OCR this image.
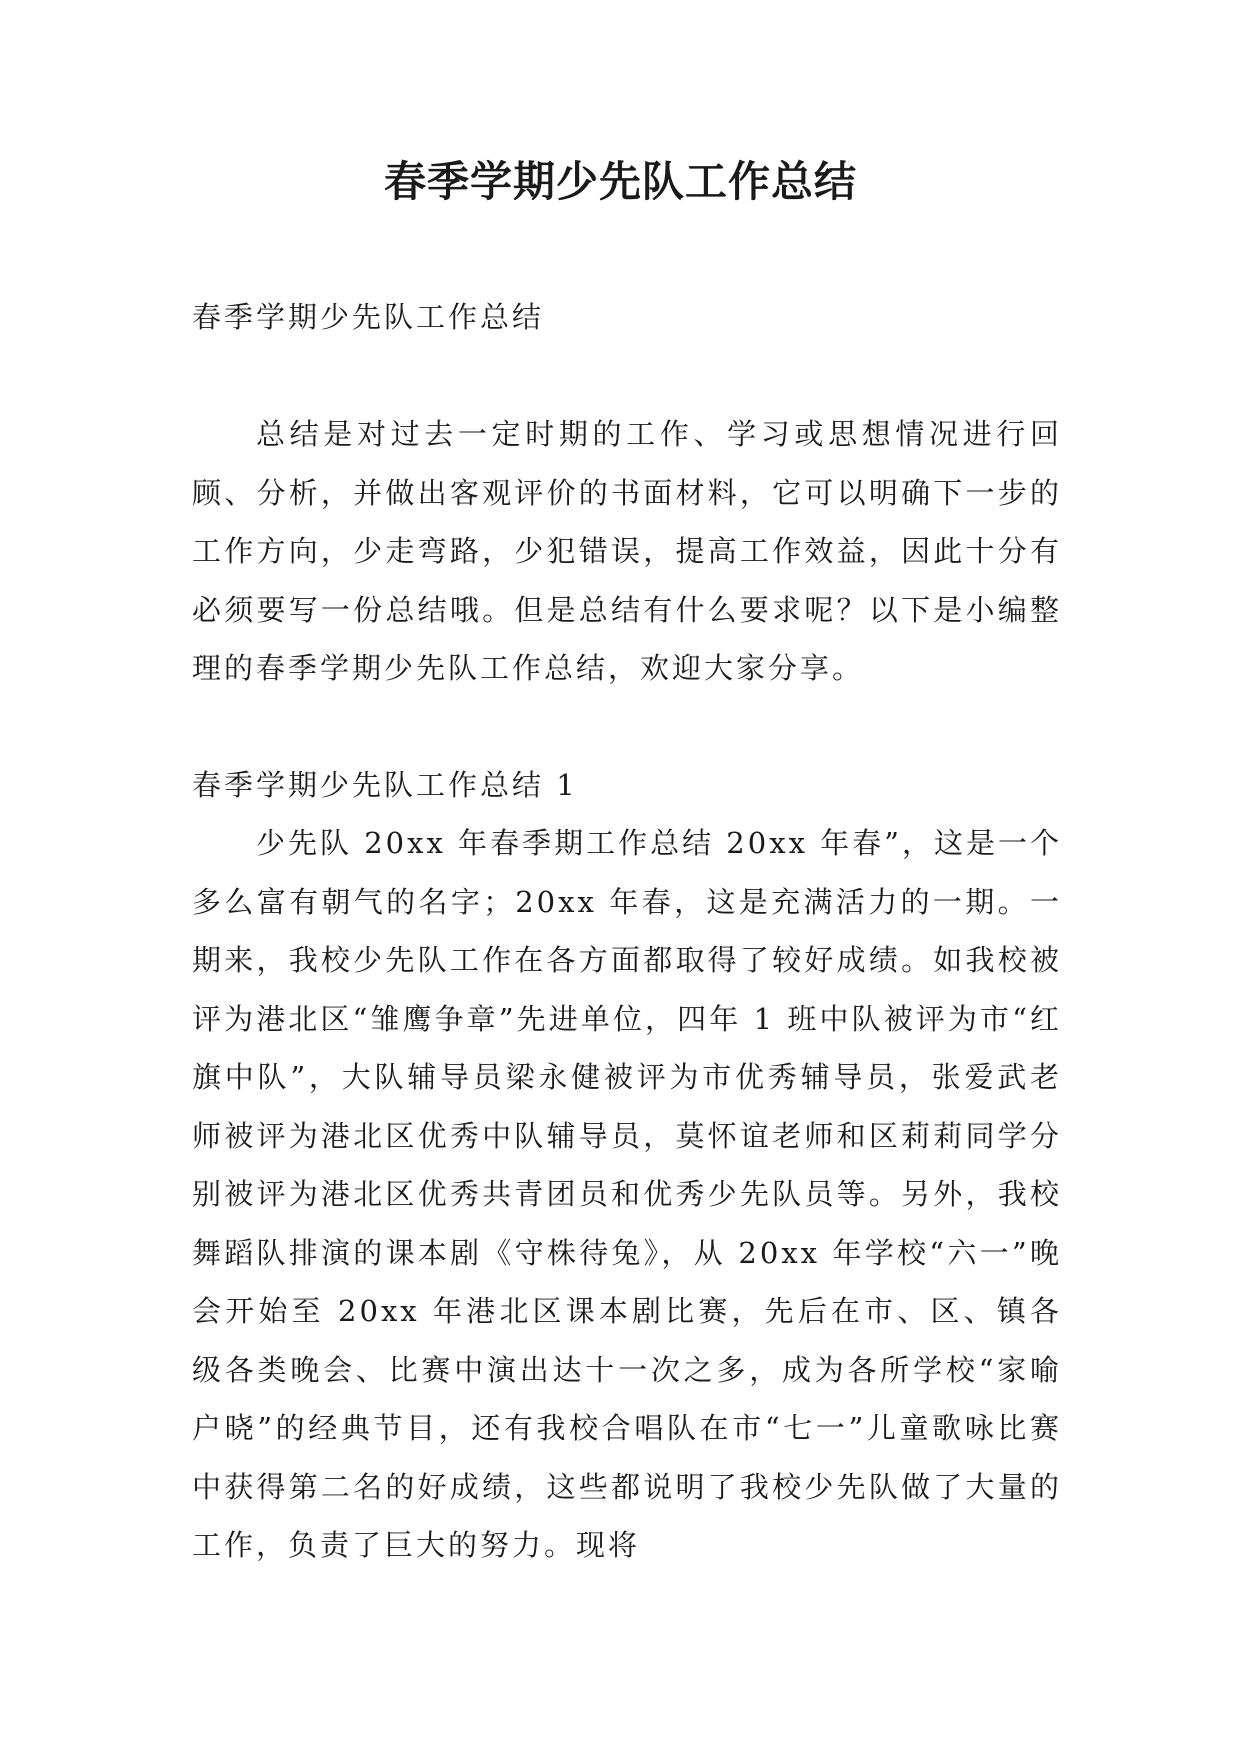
春季学期少先队工作总结

春季学期少先队工作总结

总结是对过去一定时期的工作、学习或思想情况进行回顾、分析，并做出客观评价的书面材料，它可以明确下一步的工作方向，少走弯路，少犯错误，提高工作效益，因此十分有必须要写一份总结哦。但是总结有什么要求呢？以下是小编整理的春季学期少先队工作总结，欢迎大家分享。

春季学期少先队工作总结 1

少先队 20xx 年春季期工作总结 20xx 年春”，这是一个多么富有朝气的名字；20xx 年春，这是充满活力的一期。一期来，我校少先队工作在各方面都取得了较好成绩。如我校被评为港北区“雏鹰争章”先进单位，四年 1 班中队被评为市“红旗中队”，大队辅导员梁永健被评为市优秀辅导员，张爱武老师被评为港北区优秀中队辅导员，莫怀谊老师和区莉莉同学分别被评为港北区优秀共青团员和优秀少先队员等。另外，我校舞蹈队排演的课本剧《守株待兔》，从 20xx 年学校“六一”晚会开始至 20xx 年港北区课本剧比赛，先后在市、区、镇各级各类晚会、比赛中演出达十一次之多，成为各所学校“家喻户晓”的经典节目，还有我校合唱队在市“七一”儿童歌咏比赛中获得第二名的好成绩，这些都说明了我校少先队做了大量的工作，负责了巨大的努力。现将
